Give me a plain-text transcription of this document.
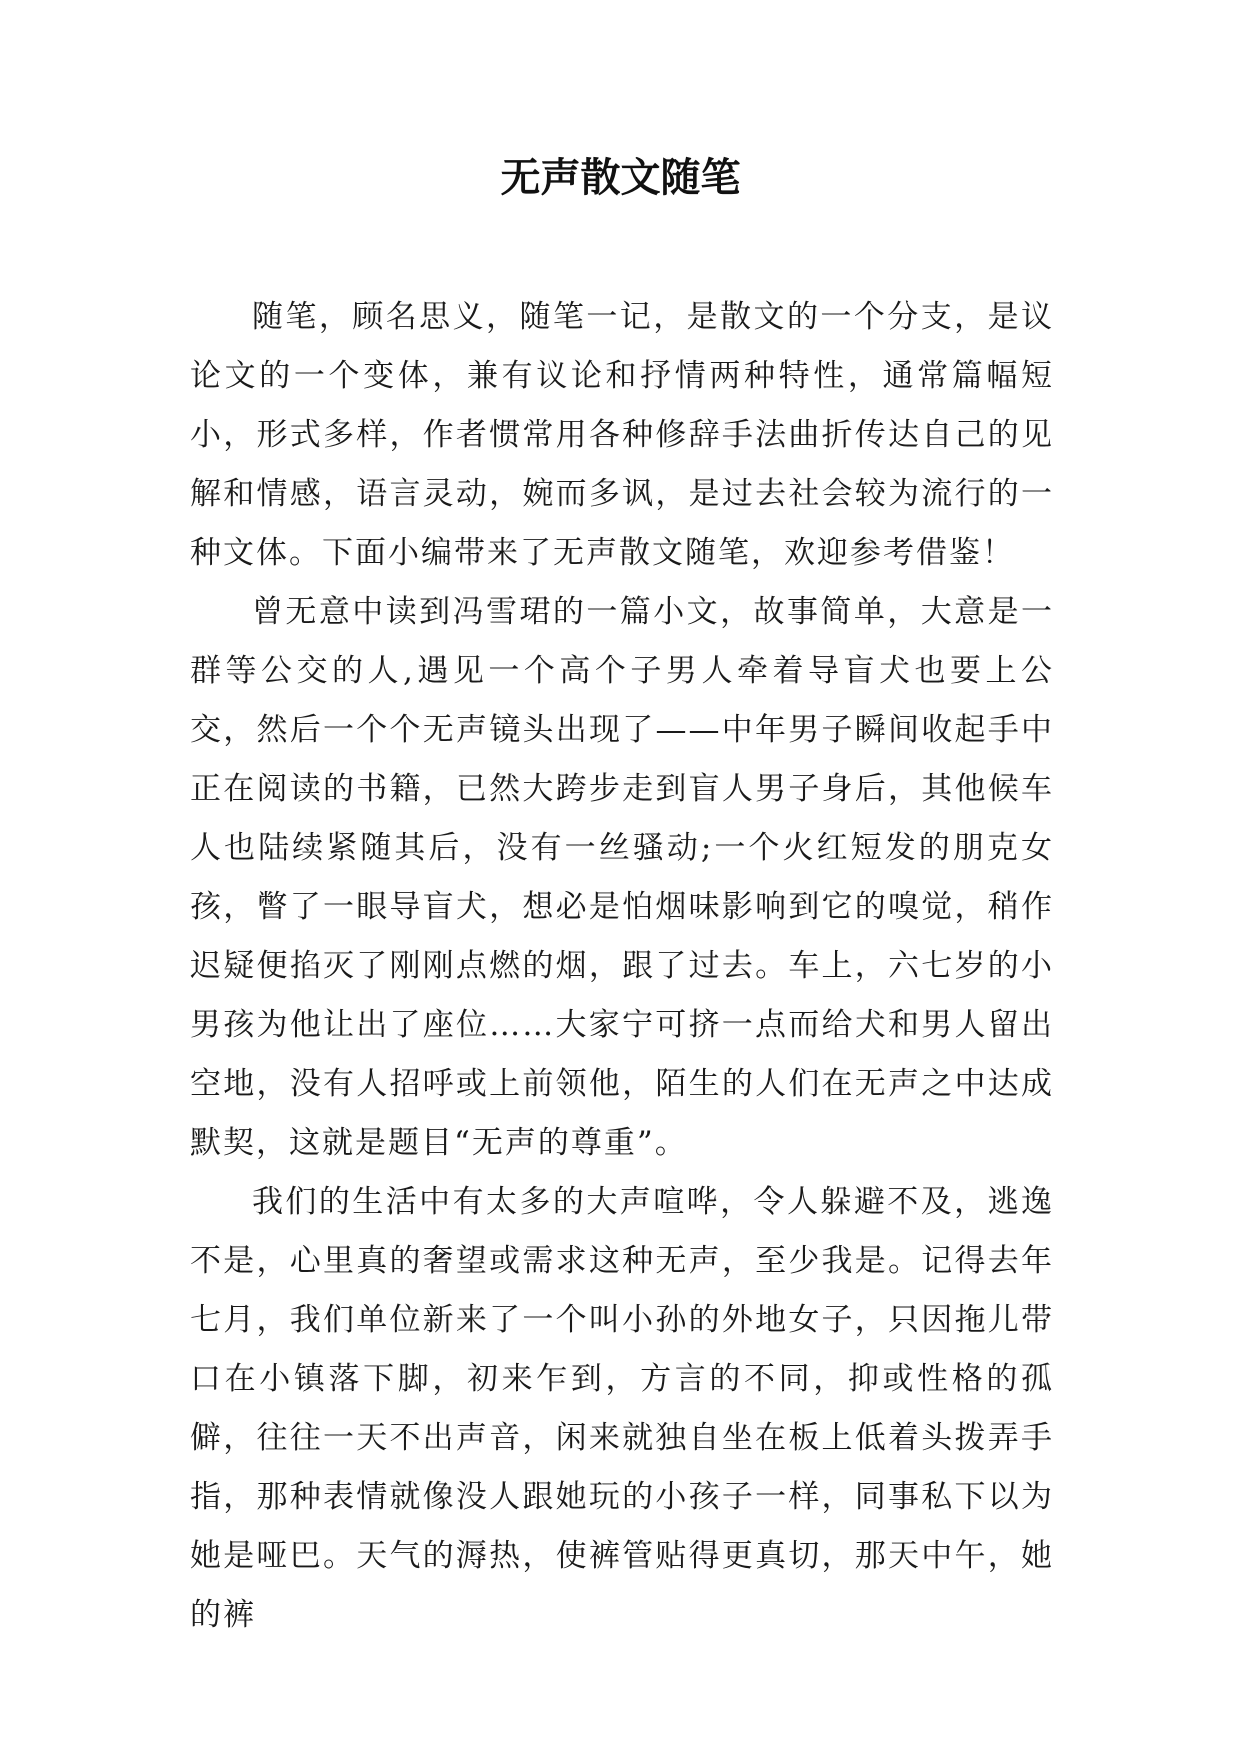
无声散文随笔

随笔，顾名思义，随笔一记，是散文的一个分支，是议论文的一个变体，兼有议论和抒情两种特性，通常篇幅短小，形式多样，作者惯常用各种修辞手法曲折传达自己的见解和情感，语言灵动，婉而多讽，是过去社会较为流行的一种文体。下面小编带来了无声散文随笔，欢迎参考借鉴！

曾无意中读到冯雪珺的一篇小文，故事简单，大意是一群等公交的人,遇见一个高个子男人牵着导盲犬也要上公交，然后一个个无声镜头出现了——中年男子瞬间收起手中正在阅读的书籍，已然大跨步走到盲人男子身后，其他候车人也陆续紧随其后，没有一丝骚动;一个火红短发的朋克女孩，瞥了一眼导盲犬，想必是怕烟味影响到它的嗅觉，稍作迟疑便掐灭了刚刚点燃的烟，跟了过去。车上，六七岁的小男孩为他让出了座位……大家宁可挤一点而给犬和男人留出空地，没有人招呼或上前领他，陌生的人们在无声之中达成默契，这就是题目“无声的尊重”。

我们的生活中有太多的大声喧哗，令人躲避不及，逃逸不是，心里真的奢望或需求这种无声，至少我是。记得去年七月，我们单位新来了一个叫小孙的外地女子，只因拖儿带口在小镇落下脚，初来乍到，方言的不同，抑或性格的孤僻，往往一天不出声音，闲来就独自坐在板上低着头拨弄手指，那种表情就像没人跟她玩的小孩子一样，同事私下以为她是哑巴。天气的溽热，使裤管贴得更真切，那天中午，她的裤
